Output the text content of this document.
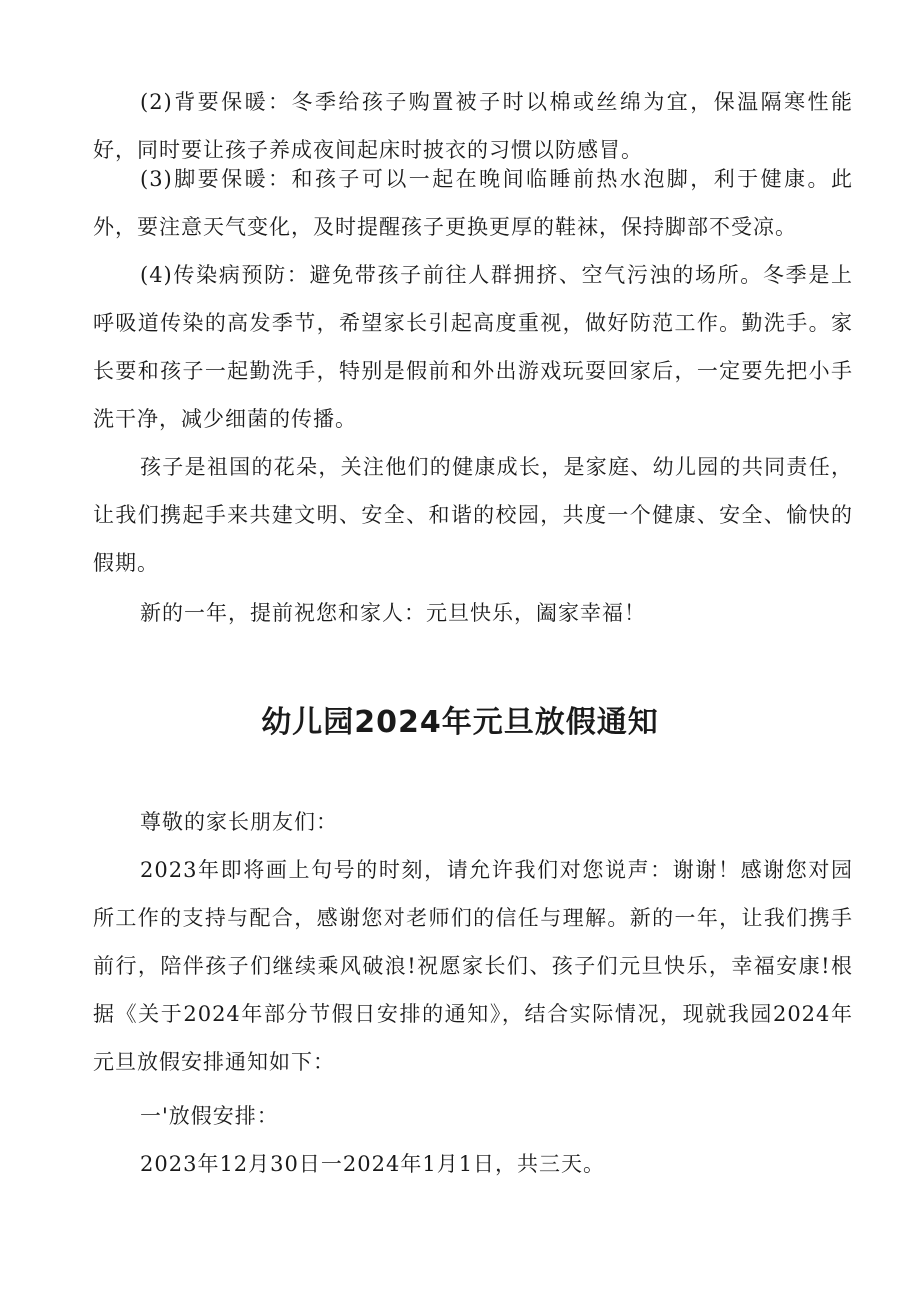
(2)背要保暖：冬季给孩子购置被子时以棉或丝绵为宜，保温隔寒性能好，同时要让孩子养成夜间起床时披衣的习惯以防感冒。

(3)脚要保暖：和孩子可以一起在晚间临睡前热水泡脚，利于健康。此外，要注意天气变化，及时提醒孩子更换更厚的鞋袜，保持脚部不受凉。

(4)传染病预防：避免带孩子前往人群拥挤、空气污浊的场所。冬季是上呼吸道传染的高发季节，希望家长引起高度重视，做好防范工作。勤洗手。家长要和孩子一起勤洗手，特别是假前和外出游戏玩耍回家后，一定要先把小手洗干净，减少细菌的传播。

孩子是祖国的花朵，关注他们的健康成长，是家庭、幼儿园的共同责任，让我们携起手来共建文明、安全、和谐的校园，共度一个健康、安全、愉快的假期。

新的一年，提前祝您和家人：元旦快乐，阖家幸福！

幼儿园2024年元旦放假通知

尊敬的家长朋友们：

2023年即将画上句号的时刻，请允许我们对您说声：谢谢！感谢您对园所工作的支持与配合，感谢您对老师们的信任与理解。新的一年，让我们携手前行，陪伴孩子们继续乘风破浪!祝愿家长们、孩子们元旦快乐，幸福安康!根据《关于2024年部分节假日安排的通知》，结合实际情况，现就我园2024年元旦放假安排通知如下：

一'放假安排：

2023年12月30日一2024年1月1日，共三天。
